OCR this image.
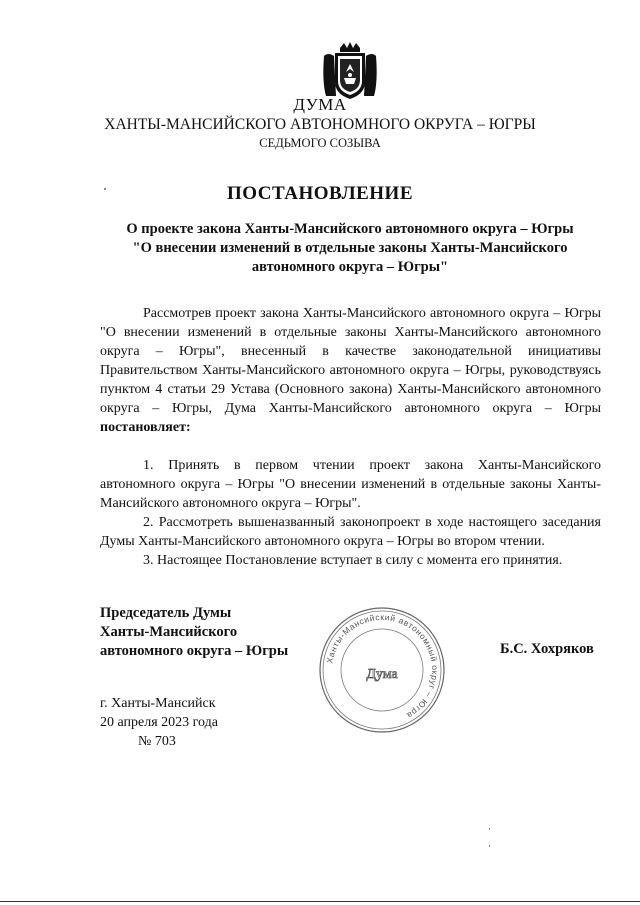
ДУМА
ХАНТЫ-МАНСИЙСКОГО АВТОНОМНОГО ОКРУГА – ЮГРЫ
СЕДЬМОГО СОЗЫВА
ПОСТАНОВЛЕНИЕ
О проекте закона Ханты-Мансийского автономного округа – Югры
"О внесении изменений в отдельные законы Ханты-Мансийского
автономного округа – Югры"

Рассмотрев проект закона Ханты-Мансийского автономного округа – Югры "О внесении изменений в отдельные законы Ханты-Мансийского автономного округа – Югры", внесенный в качестве законодательной инициативы Правительством Ханты-Мансийского автономного округа – Югры, руководствуясь пунктом 4 статьи 29 Устава (Основного закона) Ханты-Мансийского автономного округа – Югры, Дума Ханты-Мансийского автономного округа – Югры постановляет:

1. Принять в первом чтении проект закона Ханты-Мансийского автономного округа – Югры "О внесении изменений в отдельные законы Ханты-Мансийского автономного округа – Югры".

2. Рассмотреть вышеназванный законопроект в ходе настоящего заседания Думы Ханты-Мансийского автономного округа – Югры во втором чтении.

3. Настоящее Постановление вступает в силу с момента его принятия.

Председатель Думы
Ханты-Мансийского
автономного округа – Югры
Ханты-Мансийский автономный округ – Югра
Дума
Б.С. Хохряков
г. Ханты-Мансийск
20 апреля 2023 года
№ 703
